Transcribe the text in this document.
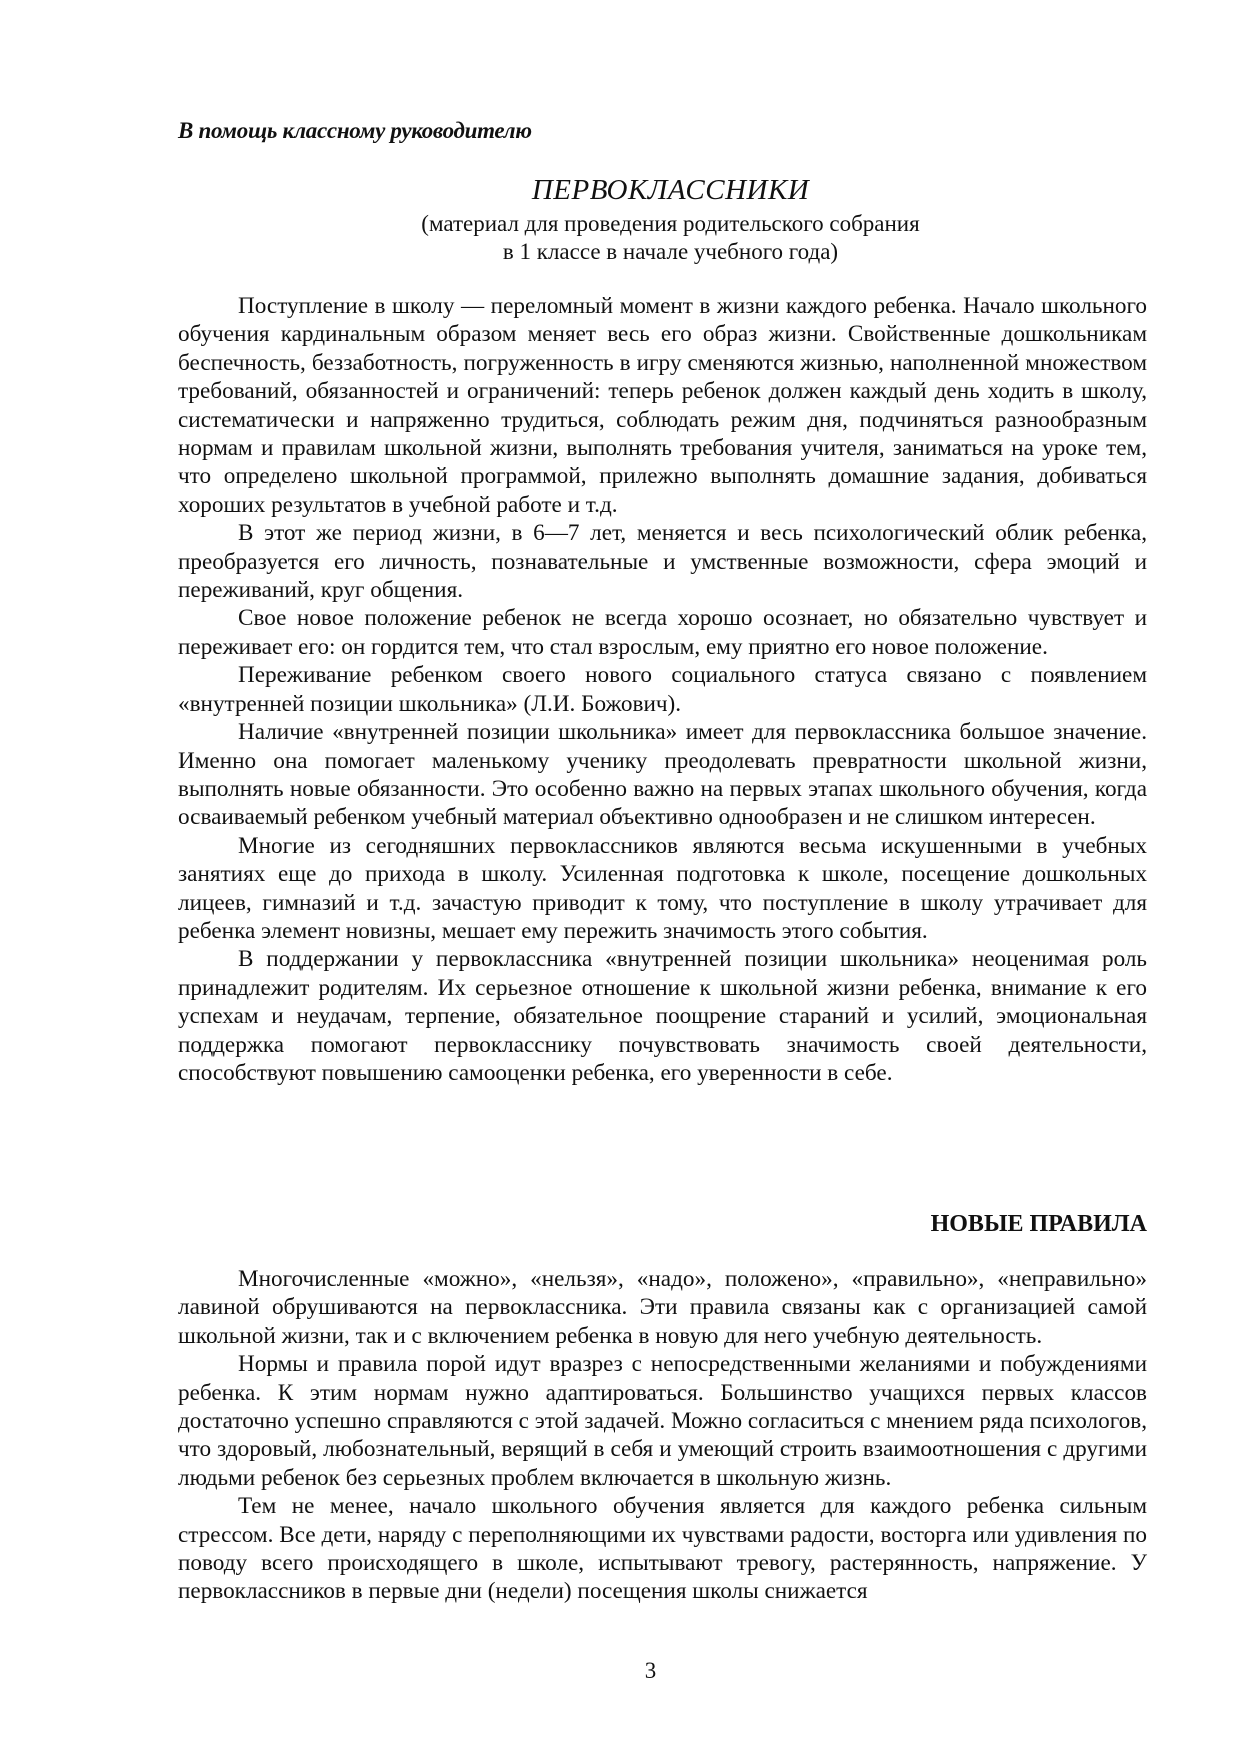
В помощь классному руководителю
ПЕРВОКЛАССНИКИ
(материал для проведения родительского собрания
в 1 классе в начале учебного года)

Поступление в школу — переломный момент в жизни каждого ребенка. Начало школьного обучения кардинальным образом меняет весь его образ жизни. Свойственные дошкольникам беспечность, беззаботность, погруженность в игру сменяются жизнью, наполненной множеством требований, обязанностей и ограничений: теперь ребенок должен каждый день ходить в школу, систематически и напряженно трудиться, соблюдать режим дня, подчиняться разнообразным нормам и правилам школьной жизни, выполнять требования учителя, заниматься на уроке тем, что определено школьной программой, прилежно выполнять домашние задания, добиваться хороших результатов в учебной работе и т.д.

В этот же период жизни, в 6—7 лет, меняется и весь психологический облик ребенка, преобразуется его личность, познавательные и умственные возможности, сфера эмоций и переживаний, круг общения.

Свое новое положение ребенок не всегда хорошо осознает, но обязательно чувствует и переживает его: он гордится тем, что стал взрослым, ему приятно его новое положение.

Переживание ребенком своего нового социального статуса связано с появлением «внутренней позиции школьника» (Л.И. Божович).

Наличие «внутренней позиции школьника» имеет для первоклассника большое значение. Именно она помогает маленькому ученику преодолевать превратности школьной жизни, выполнять новые обязанности. Это особенно важно на первых этапах школьного обучения, когда осваиваемый ребенком учебный материал объективно однообразен и не слишком интересен.

Многие из сегодняшних первоклассников являются весьма искушенными в учебных занятиях еще до прихода в школу. Усиленная подготовка к школе, посещение дошкольных лицеев, гимназий и т.д. зачастую приводит к тому, что поступление в школу утрачивает для ребенка элемент новизны, мешает ему пережить значимость этого события.

В поддержании у первоклассника «внутренней позиции школьника» неоценимая роль принадлежит родителям. Их серьезное отношение к школьной жизни ребенка, внимание к его успехам и неудачам, терпение, обязательное поощрение стараний и усилий, эмоциональная поддержка помогают первокласснику почувствовать значимость своей деятельности, способствуют повышению самооценки ребенка, его уверенности в себе.

НОВЫЕ ПРАВИЛА

Многочисленные «можно», «нельзя», «надо», положено», «правильно», «неправильно» лавиной обрушиваются на первоклассника. Эти правила связаны как с организацией самой школьной жизни, так и с включением ребенка в новую для него учебную деятельность.

Нормы и правила порой идут вразрез с непосредственными желаниями и побуждениями ребенка. К этим нормам нужно адаптироваться. Большинство учащихся первых классов достаточно успешно справляются с этой задачей. Можно согласиться с мнением ряда психологов, что здоровый, любознательный, верящий в себя и умеющий строить взаимоотношения с другими людьми ребенок без серьезных проблем включается в школьную жизнь.

Тем не менее, начало школьного обучения является для каждого ребенка сильным стрессом. Все дети, наряду с переполняющими их чувствами радости, восторга или удивления по поводу всего происходящего в школе, испытывают тревогу, растерянность, напряжение. У первоклассников в первые дни (недели) посещения школы снижается

3
